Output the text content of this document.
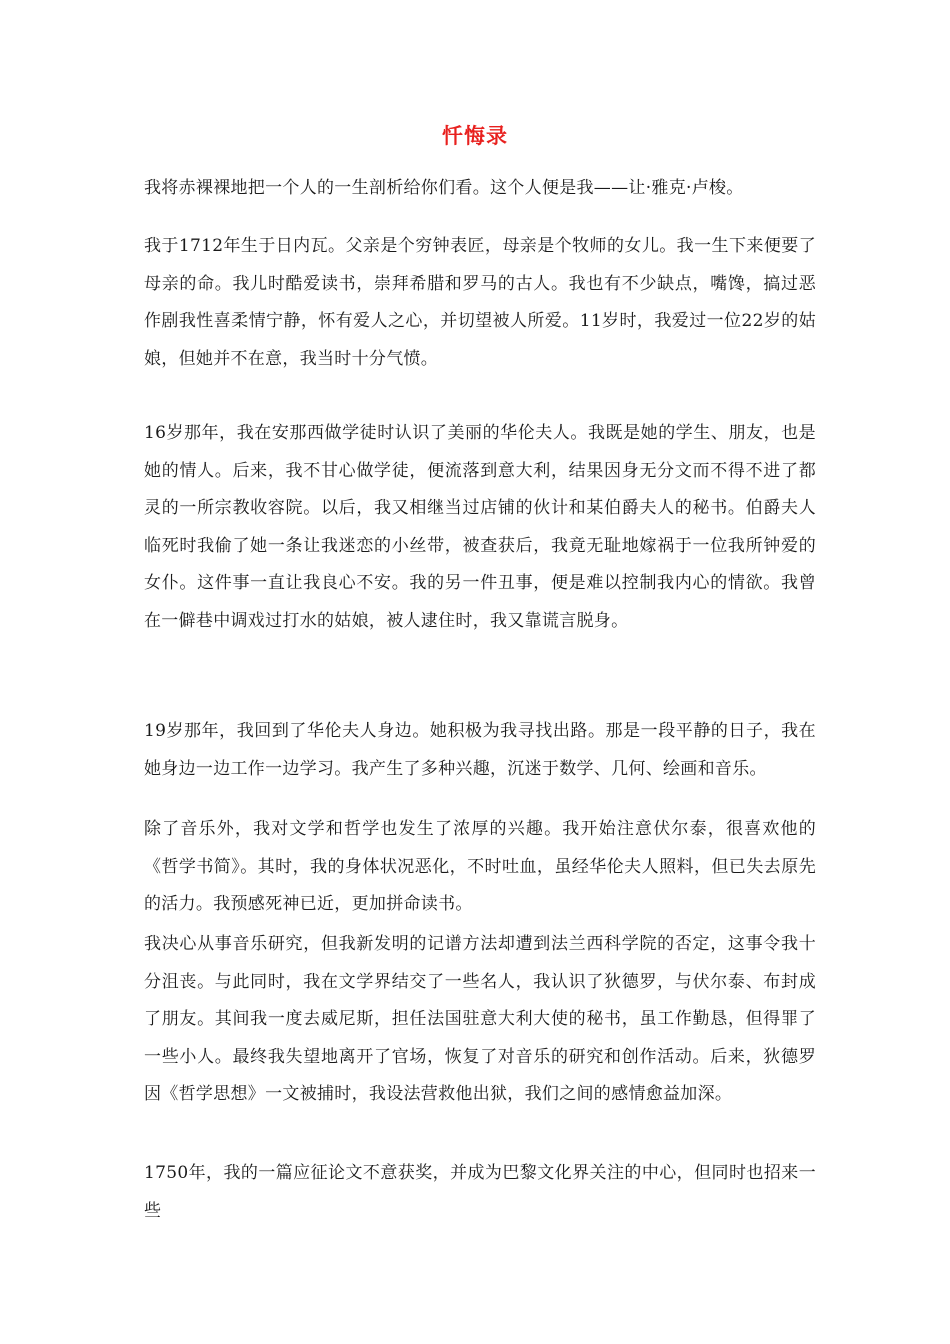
忏悔录
我将赤裸裸地把一个人的一生剖析给你们看。这个人便是我——让·雅克·卢梭。
我于1712年生于日内瓦。父亲是个穷钟表匠，母亲是个牧师的女儿。我一生下来便要了母亲的命。我儿时酷爱读书，崇拜希腊和罗马的古人。我也有不少缺点，嘴馋，搞过恶作剧我性喜柔情宁静，怀有爱人之心，并切望被人所爱。11岁时，我爱过一位22岁的姑娘，但她并不在意，我当时十分气愤。
16岁那年，我在安那西做学徒时认识了美丽的华伦夫人。我既是她的学生、朋友，也是她的情人。后来，我不甘心做学徒，便流落到意大利，结果因身无分文而不得不进了都灵的一所宗教收容院。以后，我又相继当过店铺的伙计和某伯爵夫人的秘书。伯爵夫人临死时我偷了她一条让我迷恋的小丝带，被查获后，我竟无耻地嫁祸于一位我所钟爱的女仆。这件事一直让我良心不安。我的另一件丑事，便是难以控制我内心的情欲。我曾在一僻巷中调戏过打水的姑娘，被人逮住时，我又靠谎言脱身。
19岁那年，我回到了华伦夫人身边。她积极为我寻找出路。那是一段平静的日子，我在她身边一边工作一边学习。我产生了多种兴趣，沉迷于数学、几何、绘画和音乐。
除了音乐外，我对文学和哲学也发生了浓厚的兴趣。我开始注意伏尔泰，很喜欢他的《哲学书简》。其时，我的身体状况恶化，不时吐血，虽经华伦夫人照料，但已失去原先的活力。我预感死神已近，更加拼命读书。
我决心从事音乐研究，但我新发明的记谱方法却遭到法兰西科学院的否定，这事令我十分沮丧。与此同时，我在文学界结交了一些名人，我认识了狄德罗，与伏尔泰、布封成了朋友。其间我一度去威尼斯，担任法国驻意大利大使的秘书，虽工作勤恳，但得罪了一些小人。最终我失望地离开了官场，恢复了对音乐的研究和创作活动。后来，狄德罗因《哲学思想》一文被捕时，我设法营救他出狱，我们之间的感情愈益加深。
1750年，我的一篇应征论文不意获奖，并成为巴黎文化界关注的中心，但同时也招来一些
